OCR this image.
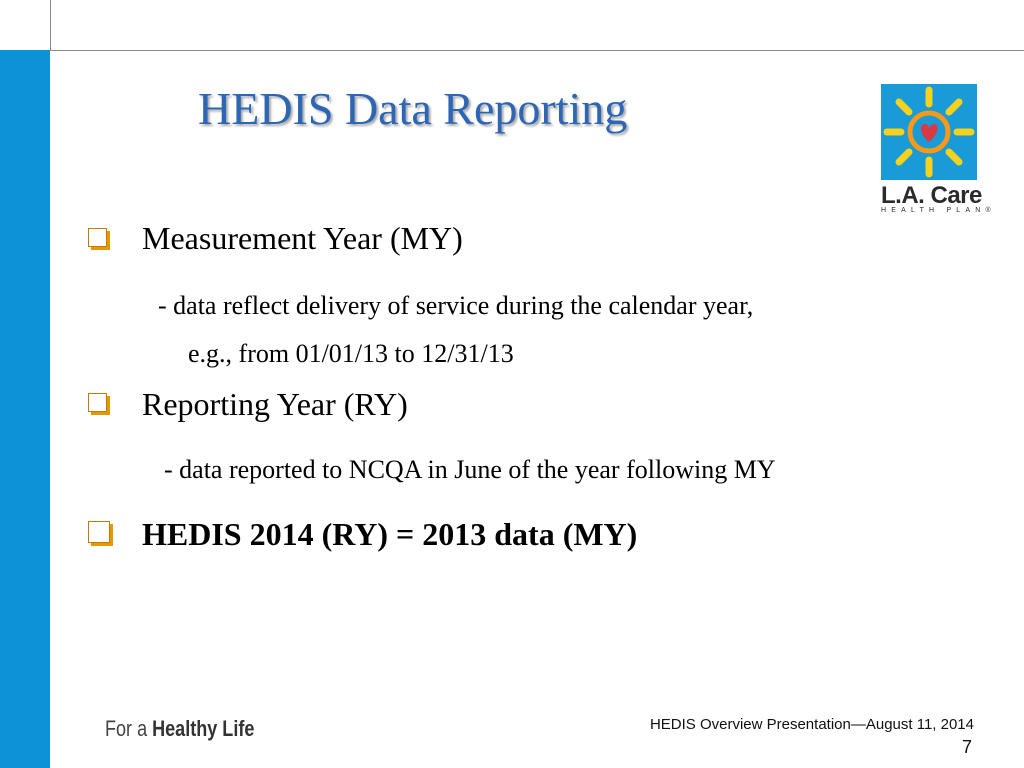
HEDIS Data Reporting
L.A. Care
HEALTH PLAN®

Measurement Year (MY)

- data reflect delivery of service during the calendar year,

e.g., from 01/01/13 to 12/31/13

Reporting Year (RY)

- data reported to NCQA in June of the year following MY

HEDIS 2014 (RY) = 2013 data (MY)

For a Healthy Life	HEDIS Overview Presentation—August 11, 2014
7
